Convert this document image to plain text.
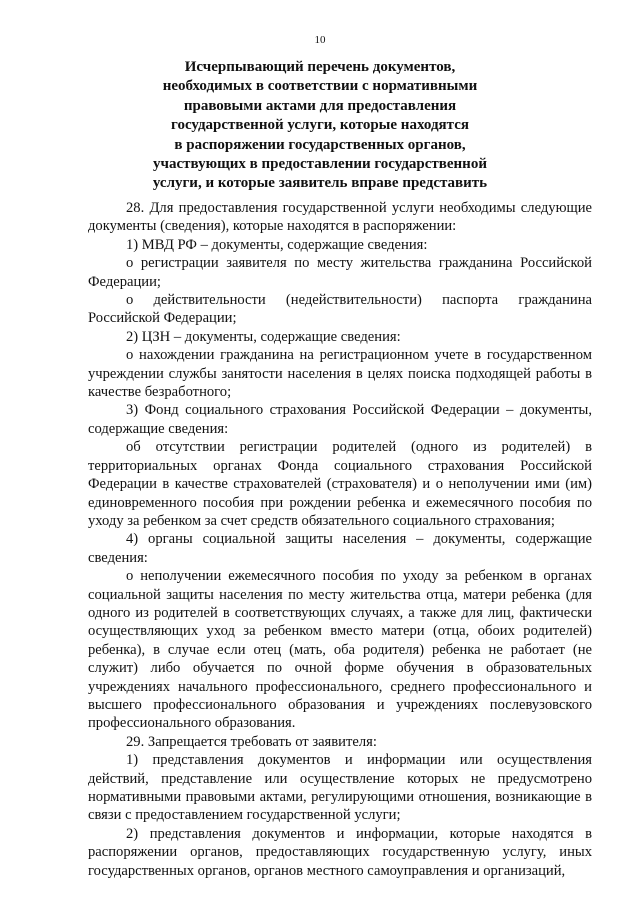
10
Исчерпывающий перечень документов,
необходимых в соответствии с нормативными
правовыми актами для предоставления
государственной услуги, которые находятся
в распоряжении государственных органов,
участвующих в предоставлении государственной
услуги, и которые заявитель вправе представить

28. Для предоставления государственной услуги необходимы следующие документы (сведения), которые находятся в распоряжении:

1) МВД РФ – документы, содержащие сведения:

о регистрации заявителя по месту жительства гражданина Российской Федерации;

о действительности (недействительности) паспорта гражданина Российской Федерации;

2) ЦЗН – документы, содержащие сведения:

о нахождении гражданина на регистрационном учете в государственном учреждении службы занятости населения в целях поиска подходящей работы в качестве безработного;

3) Фонд социального страхования Российской Федерации – документы, содержащие сведения:

об отсутствии регистрации родителей (одного из родителей) в территориальных органах Фонда социального страхования Российской Федерации в качестве страхователей (страхователя) и о неполучении ими (им) единовременного пособия при рождении ребенка и ежемесячного пособия по уходу за ребенком за счет средств обязательного социального страхования;

4) органы социальной защиты населения – документы, содержащие сведения:

о неполучении ежемесячного пособия по уходу за ребенком в органах социальной защиты населения по месту жительства отца, матери ребенка (для одного из родителей в соответствующих случаях, а также для лиц, фактически осуществляющих уход за ребенком вместо матери (отца, обоих родителей) ребенка), в случае если отец (мать, оба родителя) ребенка не работает (не служит) либо обучается по очной форме обучения в образовательных учреждениях начального профессионального, среднего профессионального и высшего профессионального образования и учреждениях послевузовского профессионального образования.

29. Запрещается требовать от заявителя:

1) представления документов и информации или осуществления действий, представление или осуществление которых не предусмотрено нормативными правовыми актами, регулирующими отношения, возникающие в связи с предоставлением государственной услуги;

2) представления документов и информации, которые находятся в распоряжении органов, предоставляющих государственную услугу, иных государственных органов, органов местного самоуправления и организаций,
